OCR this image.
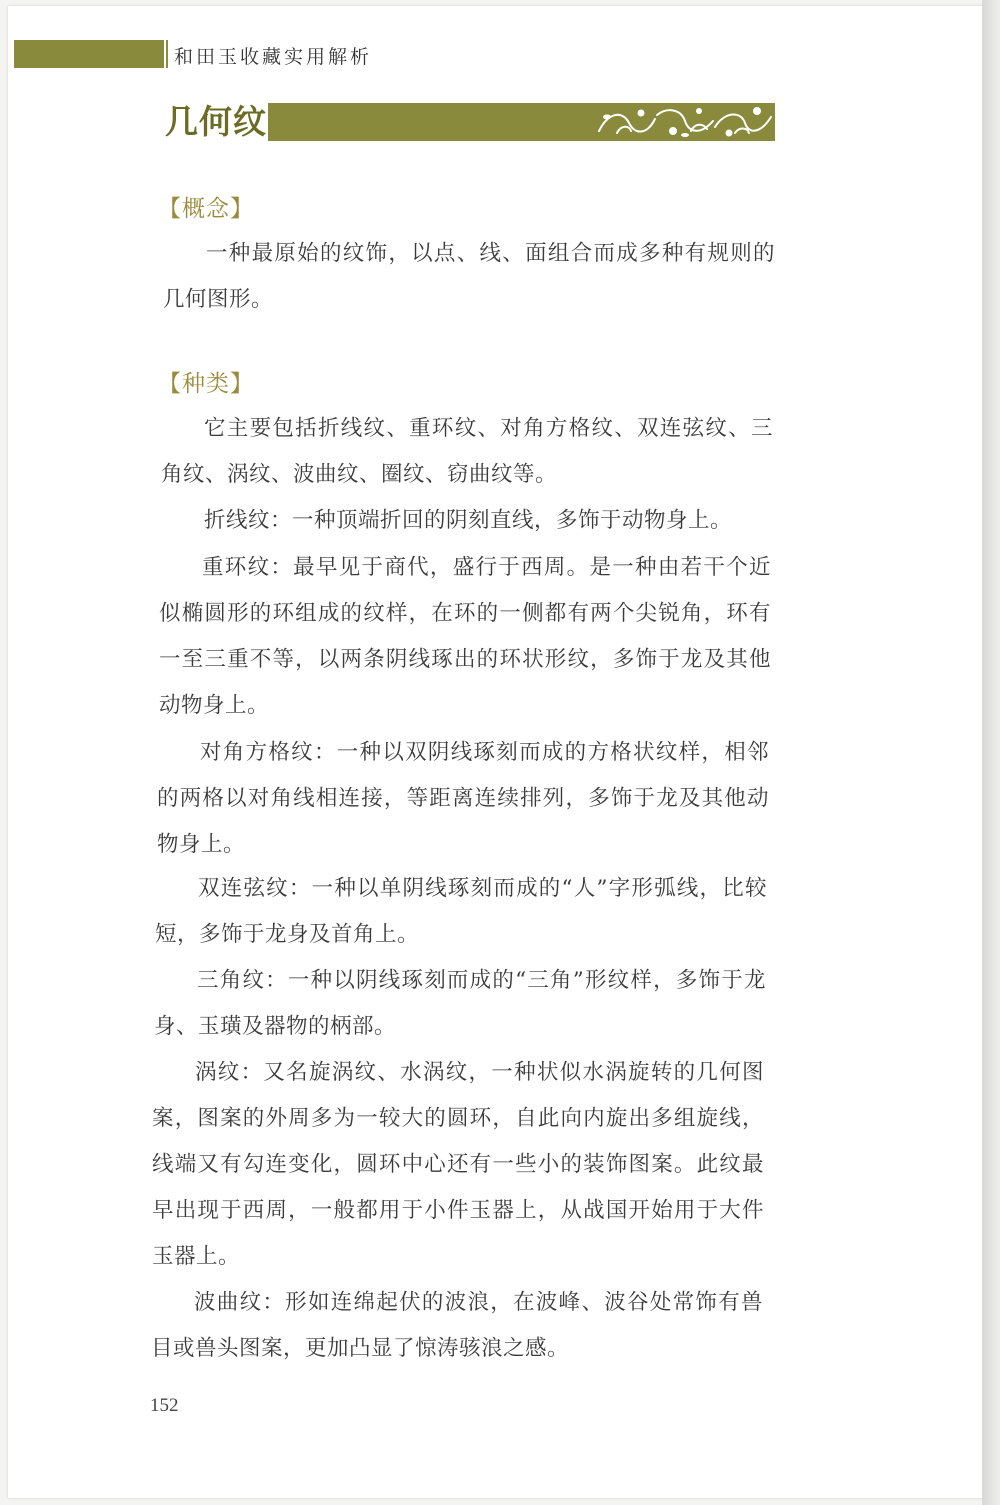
和田玉收藏实用解析
几何纹
【概念】

一种最原始的纹饰，以点、线、面组合而成多种有规则的几何图形。

【种类】

它主要包括折线纹、重环纹、对角方格纹、双连弦纹、三角纹、涡纹、波曲纹、圈纹、窃曲纹等。

折线纹：一种顶端折回的阴刻直线，多饰于动物身上。

重环纹：最早见于商代，盛行于西周。是一种由若干个近似椭圆形的环组成的纹样，在环的一侧都有两个尖锐角，环有一至三重不等，以两条阴线琢出的环状形纹，多饰于龙及其他动物身上。

对角方格纹：一种以双阴线琢刻而成的方格状纹样，相邻的两格以对角线相连接，等距离连续排列，多饰于龙及其他动物身上。

双连弦纹：一种以单阴线琢刻而成的“人”字形弧线，比较短，多饰于龙身及首角上。

三角纹：一种以阴线琢刻而成的“三角”形纹样，多饰于龙身、玉璜及器物的柄部。

涡纹：又名旋涡纹、水涡纹，一种状似水涡旋转的几何图案，图案的外周多为一较大的圆环，自此向内旋出多组旋线，线端又有勾连变化，圆环中心还有一些小的装饰图案。此纹最早出现于西周，一般都用于小件玉器上，从战国开始用于大件玉器上。

波曲纹：形如连绵起伏的波浪，在波峰、波谷处常饰有兽目或兽头图案，更加凸显了惊涛骇浪之感。

152
